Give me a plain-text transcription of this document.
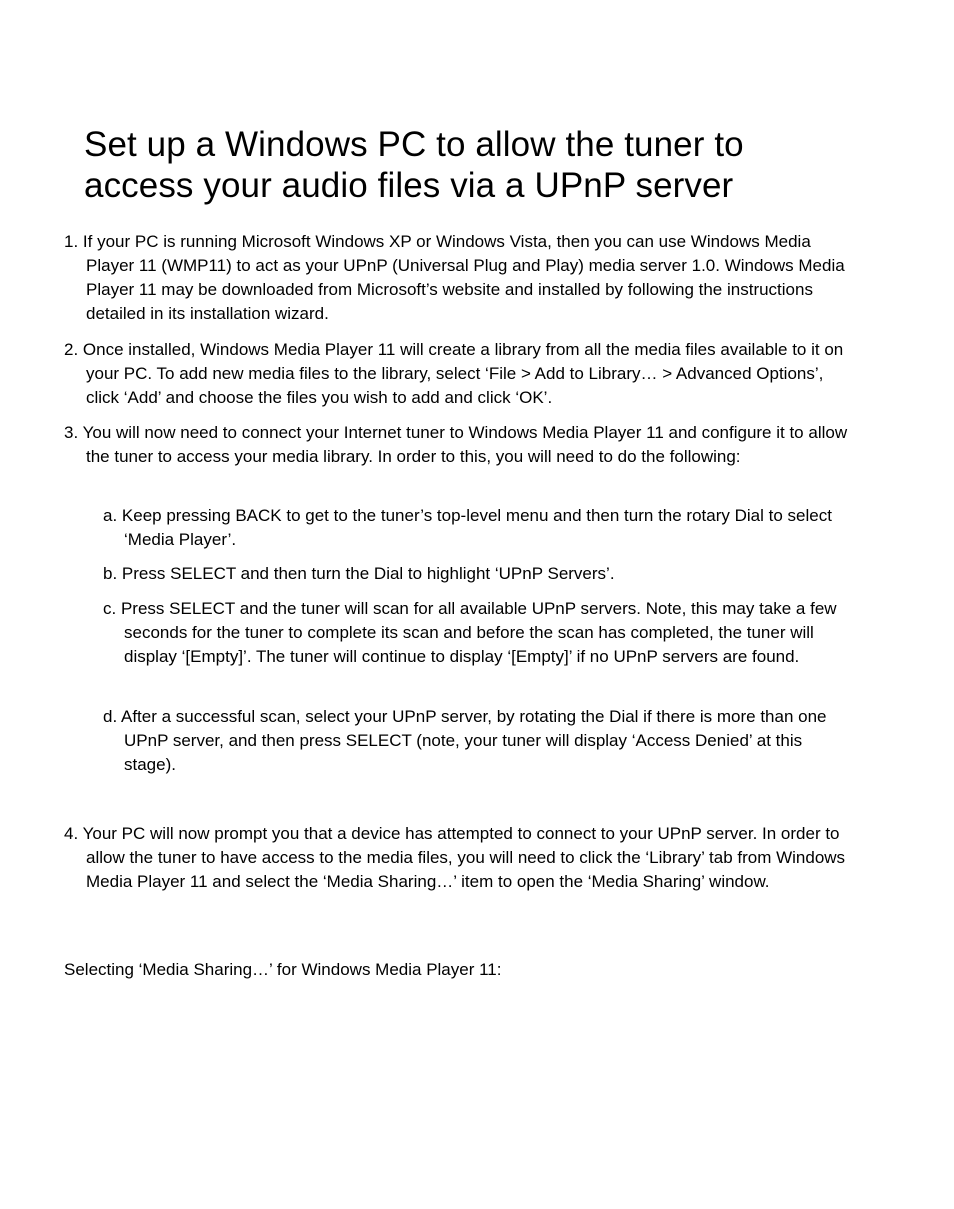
Set up a Windows PC to allow the tuner to access your audio files via a UPnP server

1. If your PC is running Microsoft Windows XP or Windows Vista, then you can use Windows Media Player 11 (WMP11) to act as your UPnP (Universal Plug and Play) media server 1.0. Windows Media Player 11 may be downloaded from Microsoft’s website and installed by following the instructions detailed in its installation wizard.

2. Once installed, Windows Media Player 11 will create a library from all the media files available to it on your PC. To add new media files to the library, select ‘File > Add to Library… > Advanced Options’, click ‘Add’ and choose the files you wish to add and click ‘OK’.

3. You will now need to connect your Internet tuner to Windows Media Player 11 and configure it to allow the tuner to access your media library. In order to this, you will need to do the following:

a. Keep pressing BACK to get to the tuner’s top-level menu and then turn the rotary Dial to select ‘Media Player’.

b. Press SELECT and then turn the Dial to highlight ‘UPnP Servers’.

c. Press SELECT and the tuner will scan for all available UPnP servers. Note, this may take a few seconds for the tuner to complete its scan and before the scan has completed, the tuner will display ‘[Empty]’. The tuner will continue to display ‘[Empty]’ if no UPnP servers are found.

d. After a successful scan, select your UPnP server, by rotating the Dial if there is more than one UPnP server, and then press SELECT (note, your tuner will display ‘Access Denied’ at this stage).

4. Your PC will now prompt you that a device has attempted to connect to your UPnP server. In order to allow the tuner to have access to the media files, you will need to click the ‘Library’ tab from Windows Media Player 11 and select the ‘Media Sharing…’ item to open the ‘Media Sharing’ window.

Selecting ‘Media Sharing…’ for Windows Media Player 11:
